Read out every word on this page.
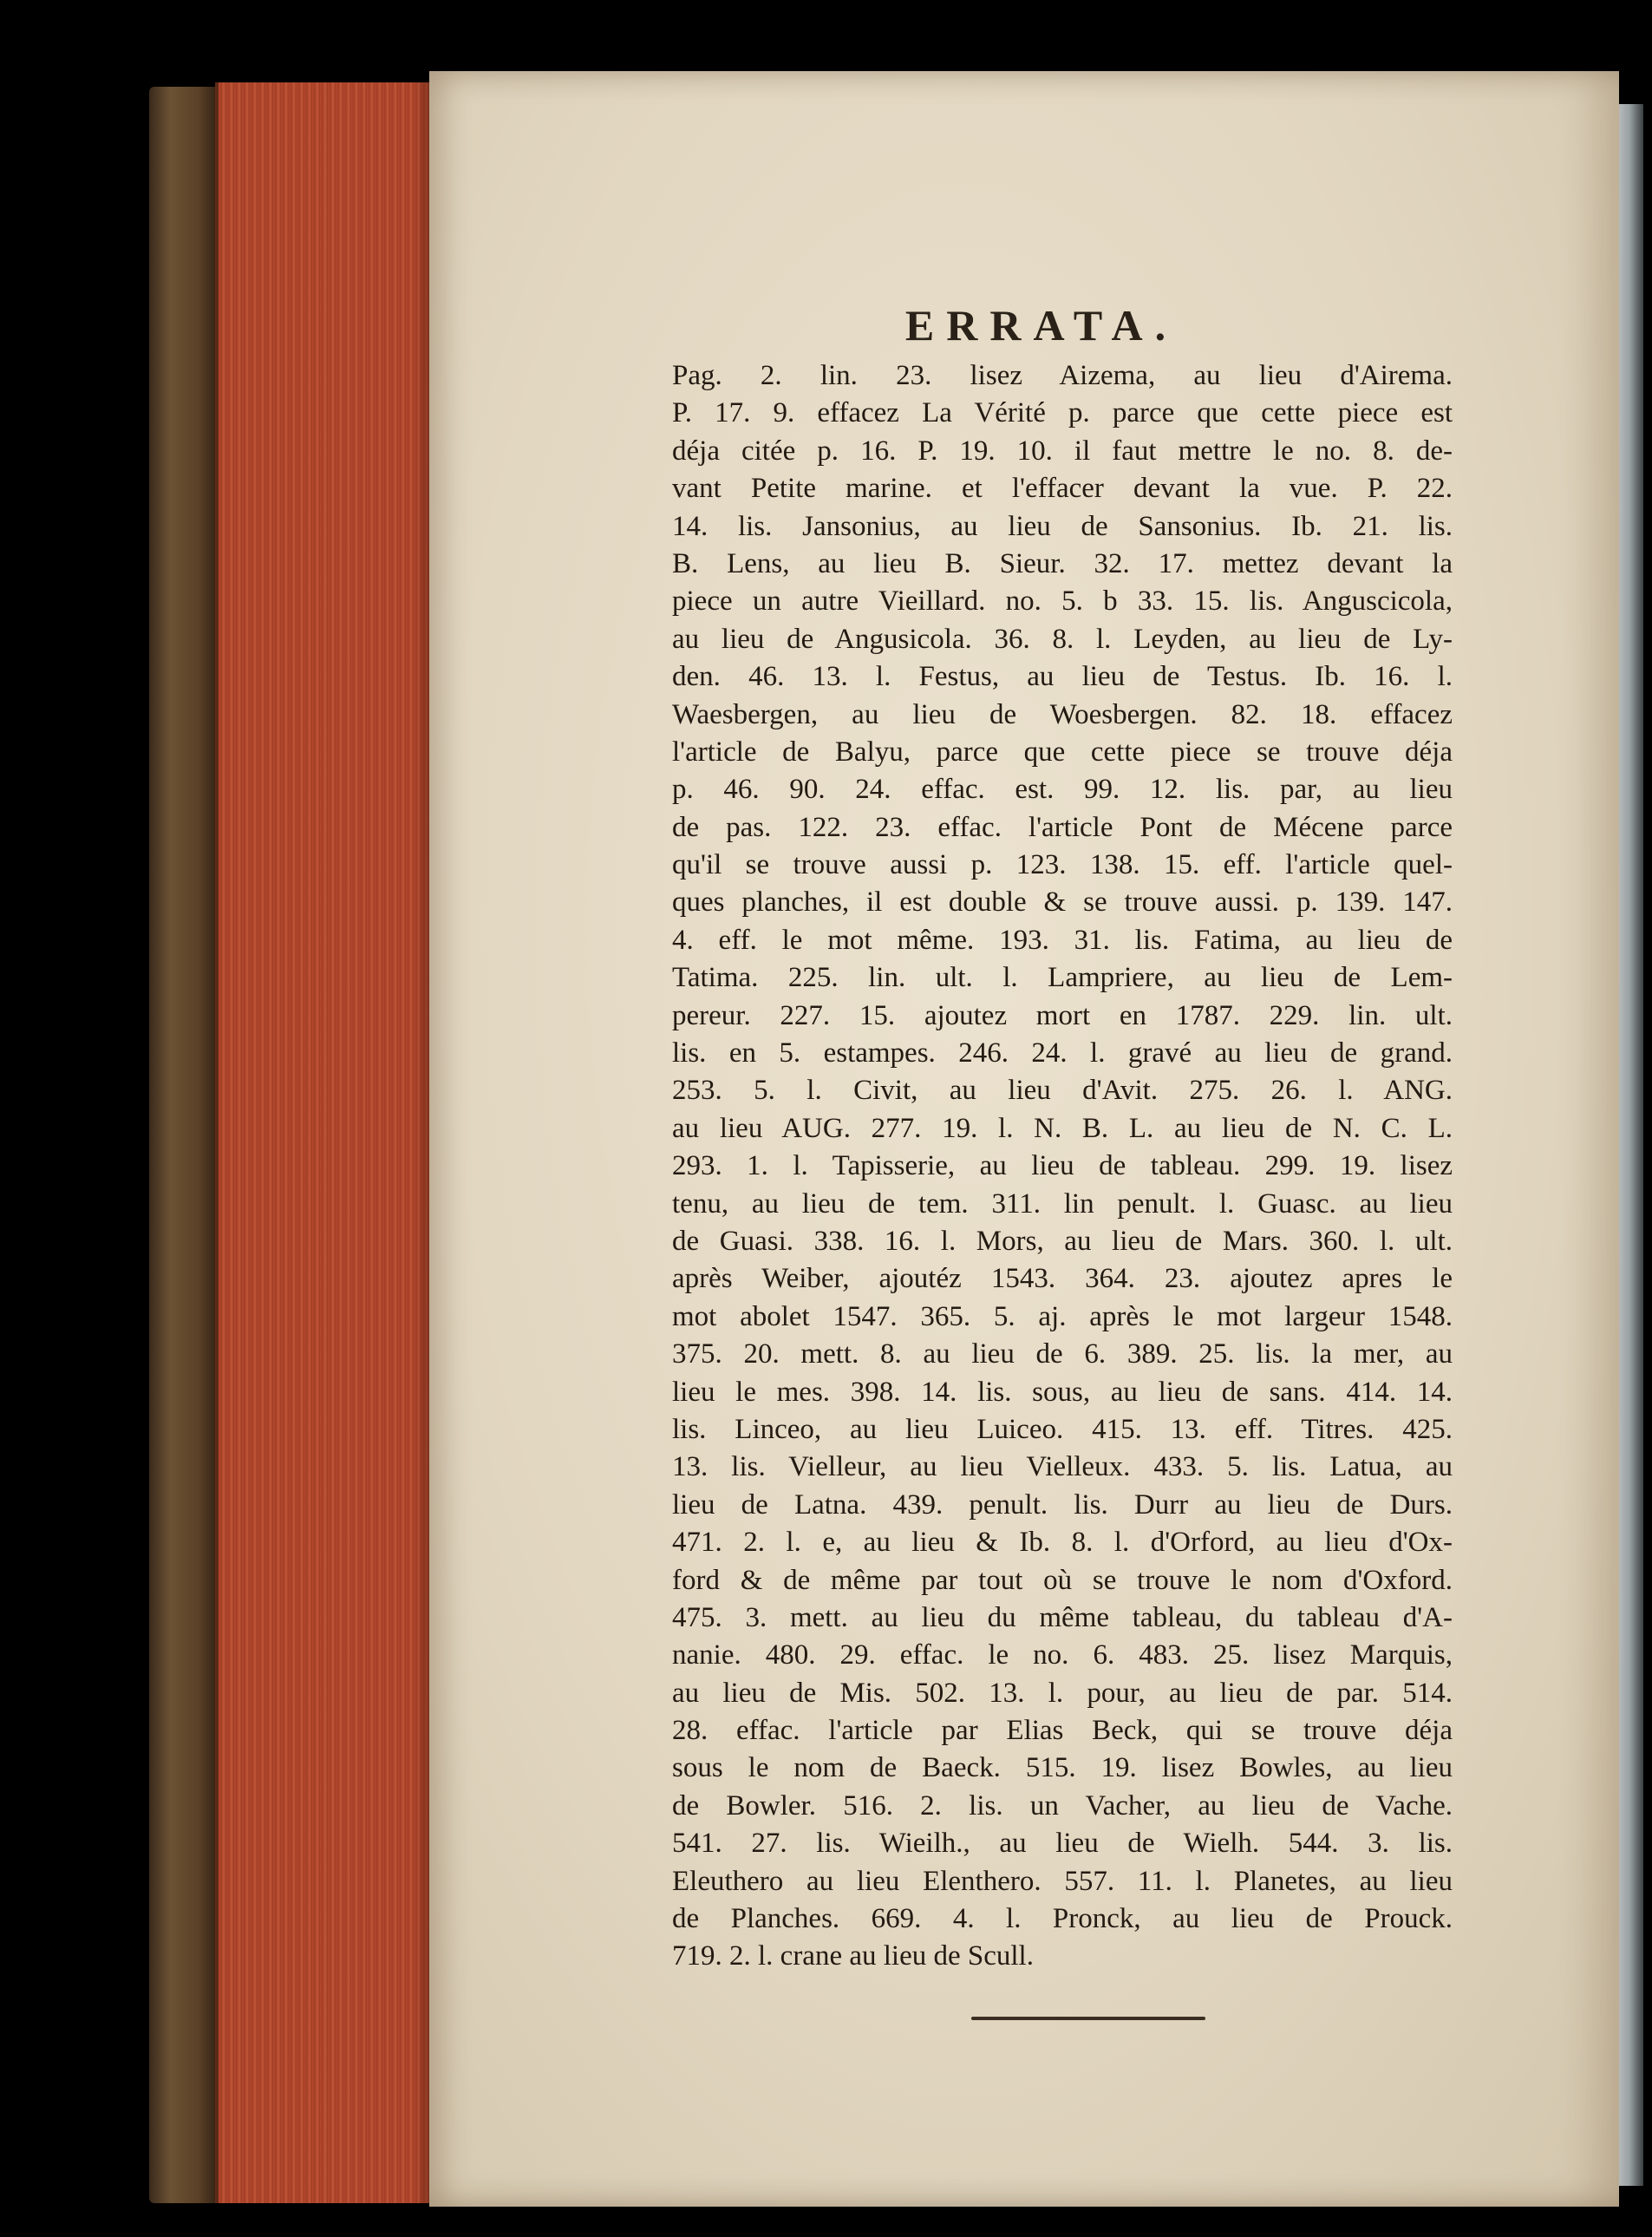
ERRATA.
Pag. 2. lin. 23. lisez Aizema, au lieu d'Airema.
P. 17. 9. effacez La Vérité p. parce que cette piece est
déja citée p. 16. P. 19. 10. il faut mettre le no. 8. de-
vant Petite marine. et l'effacer devant la vue. P. 22.
14. lis. Jansonius, au lieu de Sansonius. Ib. 21. lis.
B. Lens, au lieu B. Sieur. 32. 17. mettez devant la
piece un autre Vieillard. no. 5. b 33. 15. lis. Anguscicola,
au lieu de Angusicola. 36. 8. l. Leyden, au lieu de Ly-
den. 46. 13. l. Festus, au lieu de Testus. Ib. 16. l.
Waesbergen, au lieu de Woesbergen. 82. 18. effacez
l'article de Balyu, parce que cette piece se trouve déja
p. 46. 90. 24. effac. est. 99. 12. lis. par, au lieu
de pas. 122. 23. effac. l'article Pont de Mécene parce
qu'il se trouve aussi p. 123. 138. 15. eff. l'article quel-
ques planches, il est double & se trouve aussi. p. 139. 147.
4. eff. le mot même. 193. 31. lis. Fatima, au lieu de
Tatima. 225. lin. ult. l. Lampriere, au lieu de Lem-
pereur. 227. 15. ajoutez mort en 1787. 229. lin. ult.
lis. en 5. estampes. 246. 24. l. gravé au lieu de grand.
253. 5. l. Civit, au lieu d'Avit. 275. 26. l. ANG.
au lieu AUG. 277. 19. l. N. B. L. au lieu de N. C. L.
293. 1. l. Tapisserie, au lieu de tableau. 299. 19. lisez
tenu, au lieu de tem. 311. lin penult. l. Guasc. au lieu
de Guasi. 338. 16. l. Mors, au lieu de Mars. 360. l. ult.
après Weiber, ajoutéz 1543. 364. 23. ajoutez apres le
mot abolet 1547. 365. 5. aj. après le mot largeur 1548.
375. 20. mett. 8. au lieu de 6. 389. 25. lis. la mer, au
lieu le mes. 398. 14. lis. sous, au lieu de sans. 414. 14.
lis. Linceo, au lieu Luiceo. 415. 13. eff. Titres. 425.
13. lis. Vielleur, au lieu Vielleux. 433. 5. lis. Latua, au
lieu de Latna. 439. penult. lis. Durr au lieu de Durs.
471. 2. l. e, au lieu & Ib. 8. l. d'Orford, au lieu d'Ox-
ford & de même par tout où se trouve le nom d'Oxford.
475. 3. mett. au lieu du même tableau, du tableau d'A-
nanie. 480. 29. effac. le no. 6. 483. 25. lisez Marquis,
au lieu de Mis. 502. 13. l. pour, au lieu de par. 514.
28. effac. l'article par Elias Beck, qui se trouve déja
sous le nom de Baeck. 515. 19. lisez Bowles, au lieu
de Bowler. 516. 2. lis. un Vacher, au lieu de Vache.
541. 27. lis. Wieilh., au lieu de Wielh. 544. 3. lis.
Eleuthero au lieu Elenthero. 557. 11. l. Planetes, au lieu
de Planches. 669. 4. l. Pronck, au lieu de Prouck.
719. 2. l. crane au lieu de Scull.
